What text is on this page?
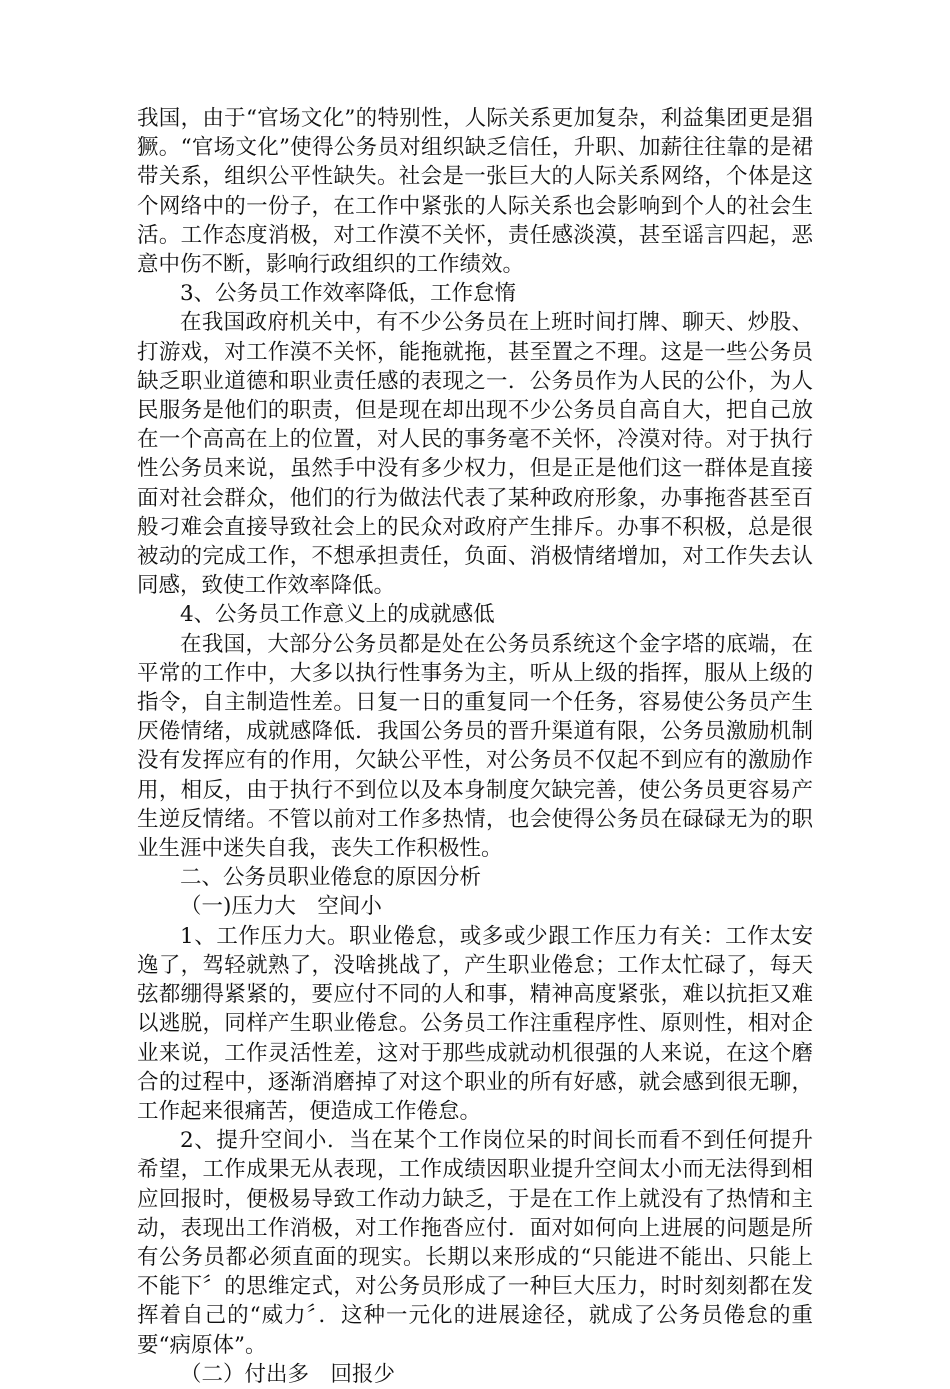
我国，由于“官场文化”的特别性，人际关系更加复杂，利益集团更是猖獗。“官场文化”使得公务员对组织缺乏信任，升职、加薪往往靠的是裙带关系，组织公平性缺失。社会是一张巨大的人际关系网络，个体是这个网络中的一份子，在工作中紧张的人际关系也会影响到个人的社会生活。工作态度消极，对工作漠不关怀，责任感淡漠，甚至谣言四起，恶意中伤不断，影响行政组织的工作绩效。

3、公务员工作效率降低，工作怠惰

在我国政府机关中，有不少公务员在上班时间打牌、聊天、炒股、打游戏，对工作漠不关怀，能拖就拖，甚至置之不理。这是一些公务员缺乏职业道德和职业责任感的表现之一．公务员作为人民的公仆，为人民服务是他们的职责，但是现在却出现不少公务员自高自大，把自己放在一个高高在上的位置，对人民的事务毫不关怀，冷漠对待。对于执行性公务员来说，虽然手中没有多少权力，但是正是他们这一群体是直接面对社会群众，他们的行为做法代表了某种政府形象，办事拖沓甚至百般刁难会直接导致社会上的民众对政府产生排斥。办事不积极，总是很被动的完成工作，不想承担责任，负面、消极情绪增加，对工作失去认同感，致使工作效率降低。

4、公务员工作意义上的成就感低

在我国，大部分公务员都是处在公务员系统这个金字塔的底端，在平常的工作中，大多以执行性事务为主，听从上级的指挥，服从上级的指令，自主制造性差。日复一日的重复同一个任务，容易使公务员产生厌倦情绪，成就感降低．我国公务员的晋升渠道有限，公务员激励机制没有发挥应有的作用，欠缺公平性，对公务员不仅起不到应有的激励作用，相反，由于执行不到位以及本身制度欠缺完善，使公务员更容易产生逆反情绪。不管以前对工作多热情，也会使得公务员在碌碌无为的职业生涯中迷失自我，丧失工作积极性。

二、公务员职业倦怠的原因分析

（一)压力大　空间小

1、工作压力大。职业倦怠，或多或少跟工作压力有关：工作太安逸了，驾轻就熟了，没啥挑战了，产生职业倦怠；工作太忙碌了，每天弦都绷得紧紧的，要应付不同的人和事，精神高度紧张，难以抗拒又难以逃脱，同样产生职业倦怠。公务员工作注重程序性、原则性，相对企业来说，工作灵活性差，这对于那些成就动机很强的人来说，在这个磨合的过程中，逐渐消磨掉了对这个职业的所有好感，就会感到很无聊，工作起来很痛苦，便造成工作倦怠。

2、提升空间小．当在某个工作岗位呆的时间长而看不到任何提升希望，工作成果无从表现，工作成绩因职业提升空间太小而无法得到相应回报时，便极易导致工作动力缺乏，于是在工作上就没有了热情和主动，表现出工作消极，对工作拖沓应付．面对如何向上进展的问题是所有公务员都必须直面的现实。长期以来形成的“只能进不能出、只能上不能下〞的思维定式，对公务员形成了一种巨大压力，时时刻刻都在发挥着自己的“威力〞．这种一元化的进展途径，就成了公务员倦怠的重要“病原体”。

（二）付出多　回报少
